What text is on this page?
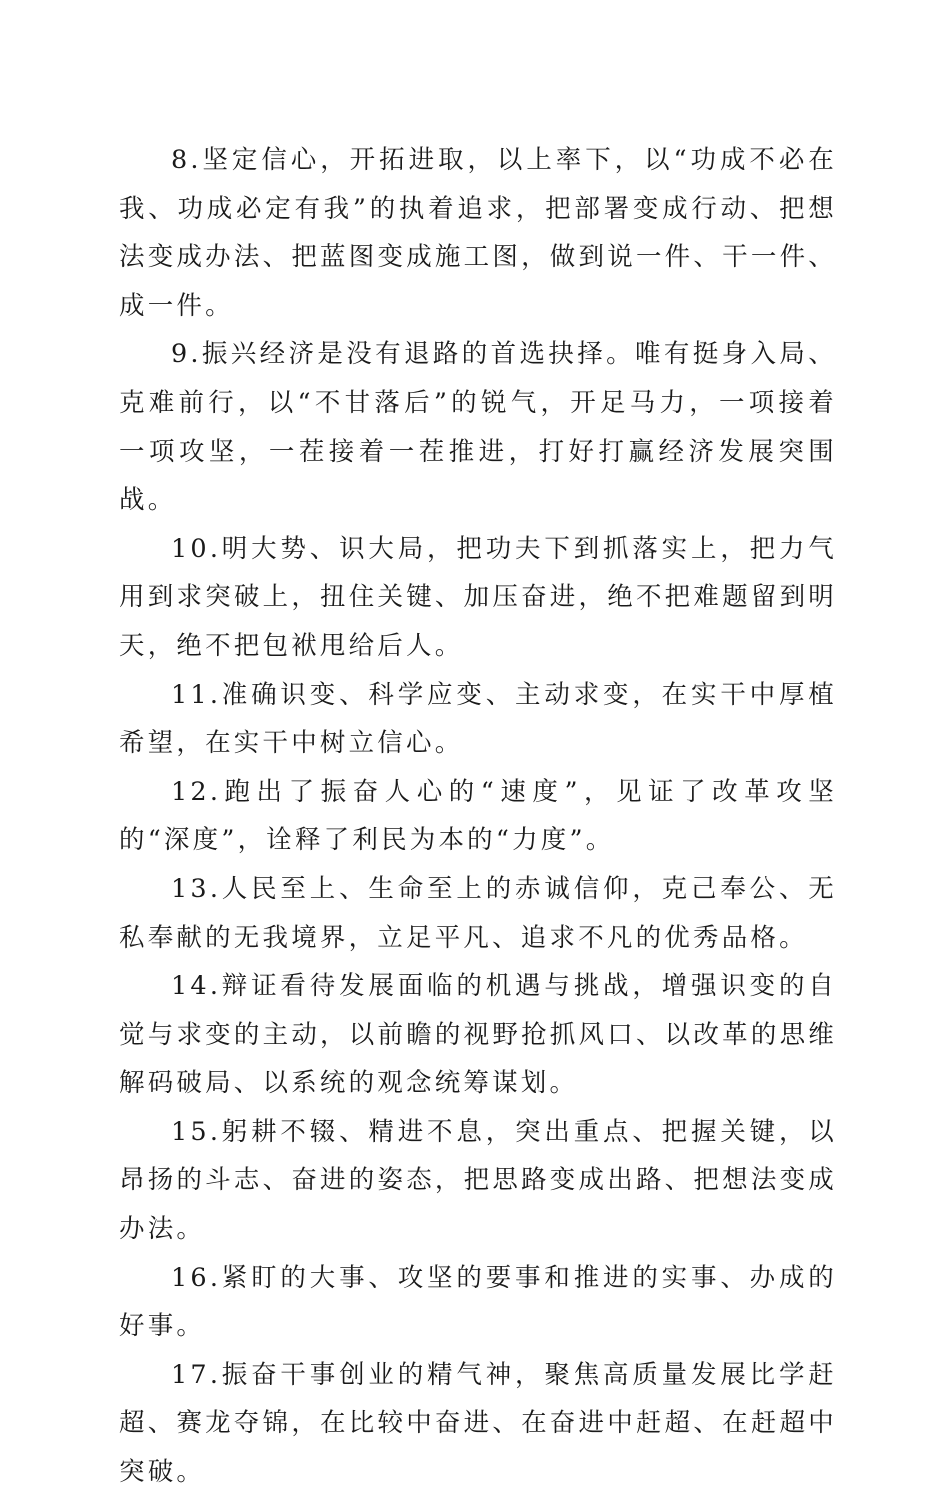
8.坚定信心，开拓进取，以上率下，以“功成不必在我、功成必定有我”的执着追求，把部署变成行动、把想法变成办法、把蓝图变成施工图，做到说一件、干一件、成一件。

9.振兴经济是没有退路的首选抉择。唯有挺身入局、克难前行，以“不甘落后”的锐气，开足马力，一项接着一项攻坚，一茬接着一茬推进，打好打赢经济发展突围战。

10.明大势、识大局，把功夫下到抓落实上，把力气用到求突破上，扭住关键、加压奋进，绝不把难题留到明天，绝不把包袱甩给后人。

11.准确识变、科学应变、主动求变，在实干中厚植希望，在实干中树立信心。

12.跑出了振奋人心的“速度”，见证了改革攻坚的“深度”，诠释了利民为本的“力度”。

13.人民至上、生命至上的赤诚信仰，克己奉公、无私奉献的无我境界，立足平凡、追求不凡的优秀品格。

14.辩证看待发展面临的机遇与挑战，增强识变的自觉与求变的主动，以前瞻的视野抢抓风口、以改革的思维解码破局、以系统的观念统筹谋划。

15.躬耕不辍、精进不息，突出重点、把握关键，以昂扬的斗志、奋进的姿态，把思路变成出路、把想法变成办法。

16.紧盯的大事、攻坚的要事和推进的实事、办成的好事。

17.振奋干事创业的精气神，聚焦高质量发展比学赶超、赛龙夺锦，在比较中奋进、在奋进中赶超、在赶超中突破。
